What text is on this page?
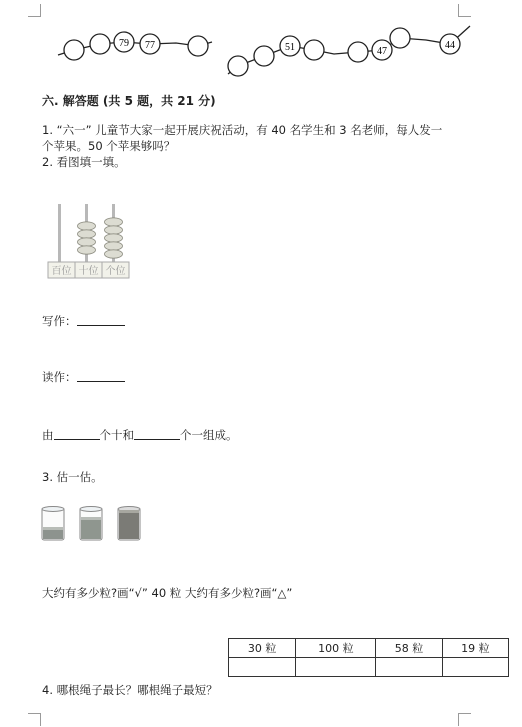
79 77	51	47
44
六. 解答题 (共 5 题，共 21 分)
1. “六一” 儿童节大家一起开展庆祝活动，有 40 名学生和 3 名老师，每人发一
个苹果。50 个苹果够吗？
2. 看图填一填。
百位 十位 个位
写作：
读作：
由	个十和	个一组成。
3. 估一估。
大约有多少粒?画“√” 40 粒 大约有多少粒?画“△”
30 粒	100 粒	58 粒	19 粒

4. 哪根绳子最长？哪根绳子最短？
